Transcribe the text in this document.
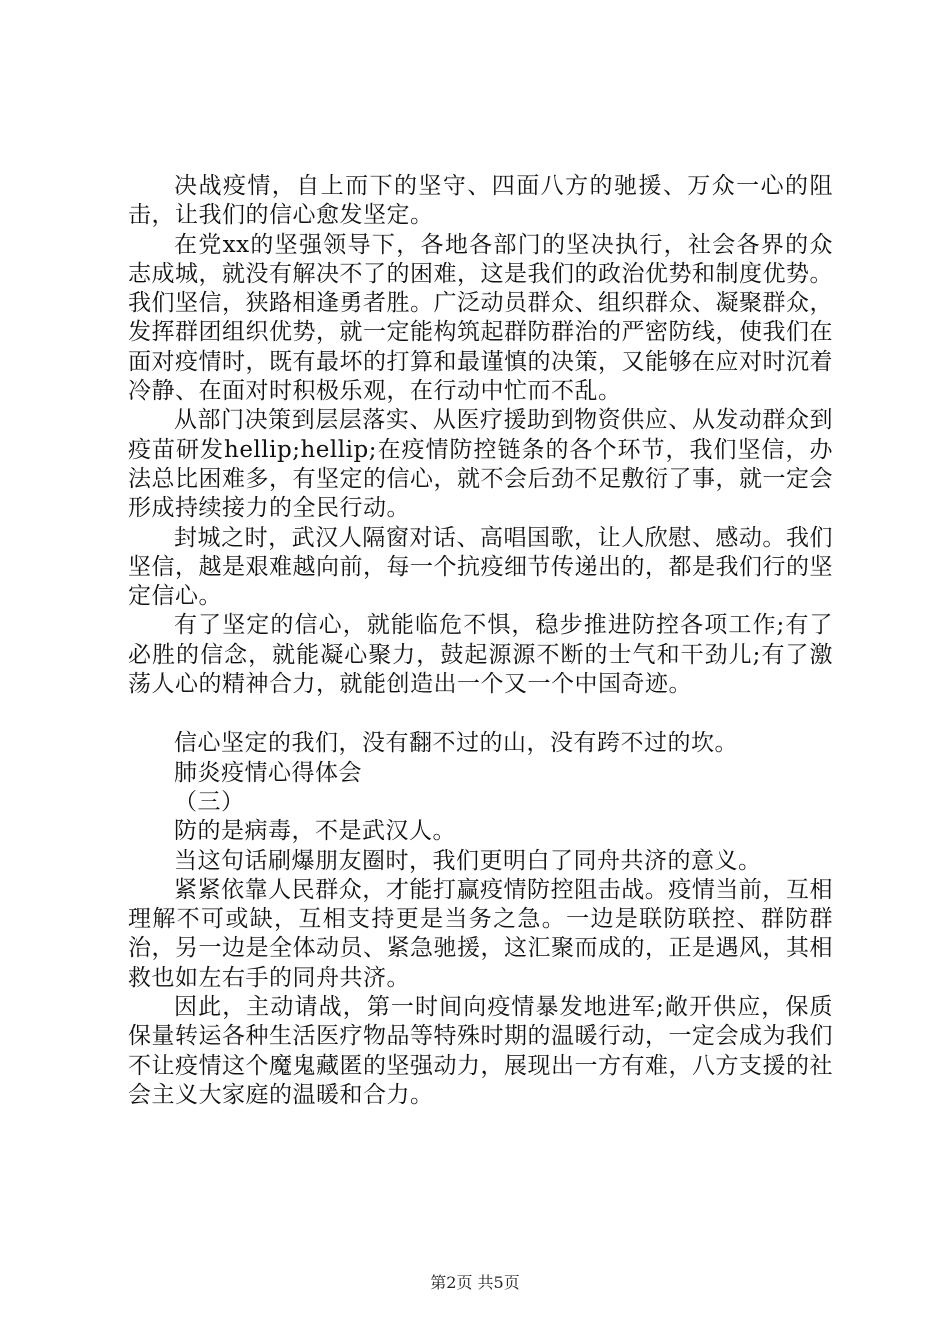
决战疫情，自上而下的坚守、四面八方的驰援、万众一心的阻击，让我们的信心愈发坚定。

在党xx的坚强领导下，各地各部门的坚决执行，社会各界的众志成城，就没有解决不了的困难，这是我们的政治优势和制度优势。我们坚信，狭路相逢勇者胜。广泛动员群众、组织群众、凝聚群众，发挥群团组织优势，就一定能构筑起群防群治的严密防线，使我们在面对疫情时，既有最坏的打算和最谨慎的决策，又能够在应对时沉着冷静、在面对时积极乐观，在行动中忙而不乱。

从部门决策到层层落实、从医疗援助到物资供应、从发动群众到疫苗研发hellip;hellip;在疫情防控链条的各个环节，我们坚信，办法总比困难多，有坚定的信心，就不会后劲不足敷衍了事，就一定会形成持续接力的全民行动。

封城之时，武汉人隔窗对话、高唱国歌，让人欣慰、感动。我们坚信，越是艰难越向前，每一个抗疫细节传递出的，都是我们行的坚定信心。

有了坚定的信心，就能临危不惧，稳步推进防控各项工作;有了必胜的信念，就能凝心聚力，鼓起源源不断的士气和干劲儿;有了激荡人心的精神合力，就能创造出一个又一个中国奇迹。

信心坚定的我们，没有翻不过的山，没有跨不过的坎。

肺炎疫情心得体会

（三）

防的是病毒，不是武汉人。

当这句话刷爆朋友圈时，我们更明白了同舟共济的意义。

紧紧依靠人民群众，才能打赢疫情防控阻击战。疫情当前，互相理解不可或缺，互相支持更是当务之急。一边是联防联控、群防群治，另一边是全体动员、紧急驰援，这汇聚而成的，正是遇风，其相救也如左右手的同舟共济。

因此，主动请战，第一时间向疫情暴发地进军;敞开供应，保质保量转运各种生活医疗物品等特殊时期的温暖行动，一定会成为我们不让疫情这个魔鬼藏匿的坚强动力，展现出一方有难，八方支援的社会主义大家庭的温暖和合力。

第2页 共5页
